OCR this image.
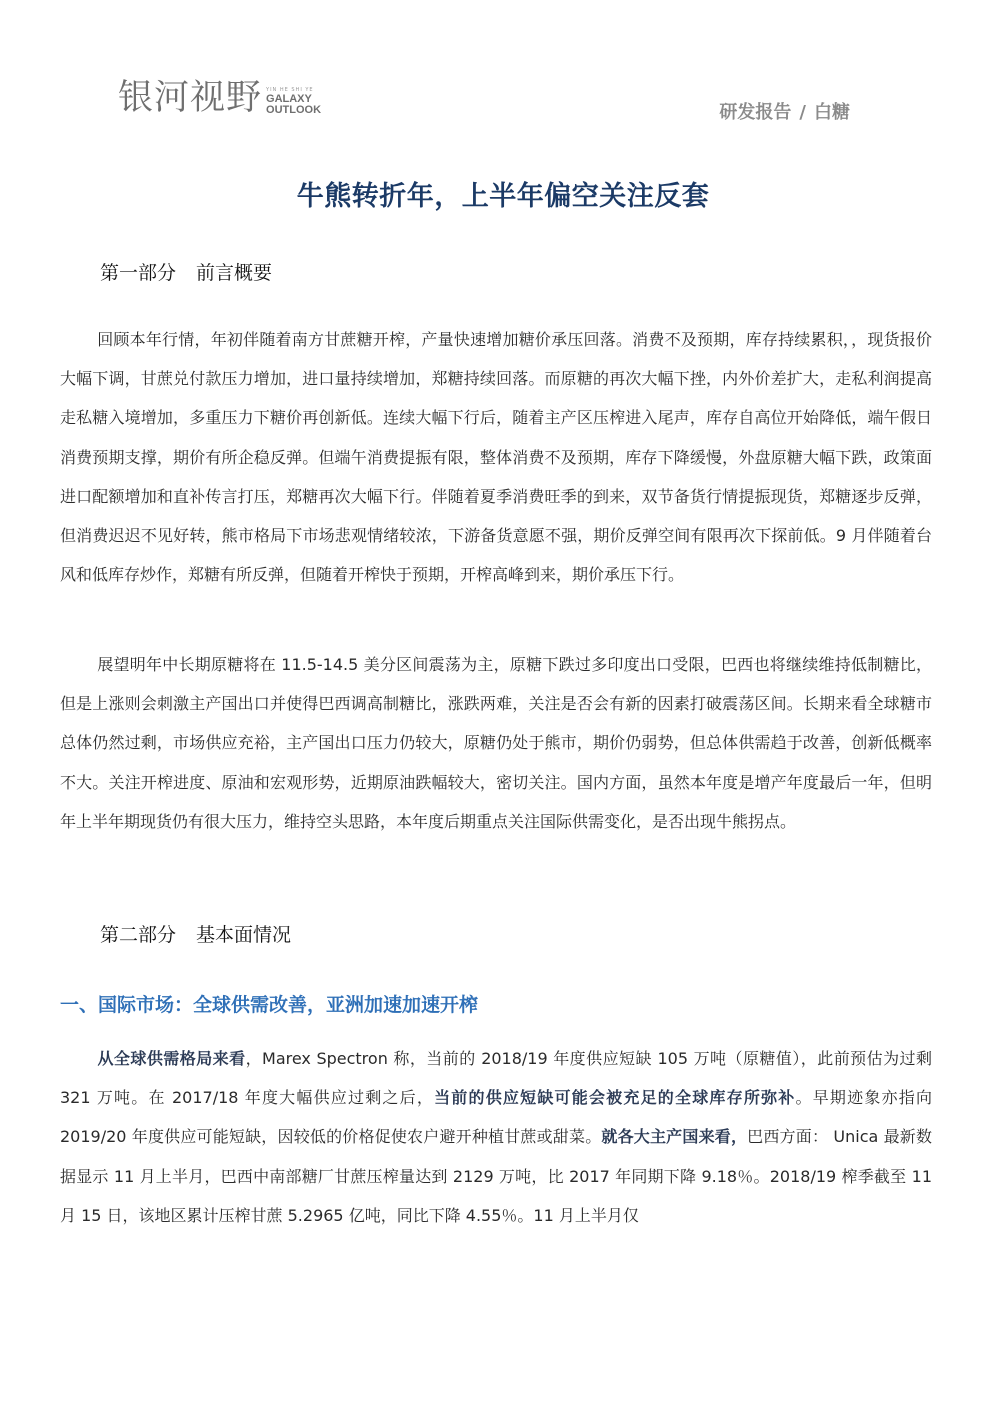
银河视野 YIN HE SHI YE
GALAXY
OUTLOOK	研发报告 / 白糖
牛熊转折年，上半年偏空关注反套
第一部分 前言概要
回顾本年行情，年初伴随着南方甘蔗糖开榨，产量快速增加糖价承压回落。消费不及预期，库存持续累积，，现货报价大幅下调，甘蔗兑付款压力增加，进口量持续增加，郑糖持续回落。而原糖的再次大幅下挫，内外价差扩大，走私利润提高走私糖入境增加，多重压力下糖价再创新低。连续大幅下行后，随着主产区压榨进入尾声，库存自高位开始降低，端午假日消费预期支撑，期价有所企稳反弹。但端午消费提振有限，整体消费不及预期，库存下降缓慢，外盘原糖大幅下跌，政策面进口配额增加和直补传言打压，郑糖再次大幅下行。伴随着夏季消费旺季的到来，双节备货行情提振现货，郑糖逐步反弹，但消费迟迟不见好转，熊市格局下市场悲观情绪较浓，下游备货意愿不强，期价反弹空间有限再次下探前低。9 月伴随着台风和低库存炒作，郑糖有所反弹，但随着开榨快于预期，开榨高峰到来，期价承压下行。
展望明年中长期原糖将在 11.5-14.5 美分区间震荡为主，原糖下跌过多印度出口受限，巴西也将继续维持低制糖比，但是上涨则会刺激主产国出口并使得巴西调高制糖比，涨跌两难，关注是否会有新的因素打破震荡区间。长期来看全球糖市总体仍然过剩，市场供应充裕，主产国出口压力仍较大，原糖仍处于熊市，期价仍弱势，但总体供需趋于改善，创新低概率不大。关注开榨进度、原油和宏观形势，近期原油跌幅较大，密切关注。国内方面，虽然本年度是增产年度最后一年，但明年上半年期现货仍有很大压力，维持空头思路，本年度后期重点关注国际供需变化，是否出现牛熊拐点。
第二部分 基本面情况
一、国际市场：全球供需改善，亚洲加速加速开榨
从全球供需格局来看，Marex Spectron 称，当前的 2018/19 年度供应短缺 105 万吨（原糖值），此前预估为过剩 321 万吨。在 2017/18 年度大幅供应过剩之后，当前的供应短缺可能会被充足的全球库存所弥补。早期迹象亦指向 2019/20 年度供应可能短缺，因较低的价格促使农户避开种植甘蔗或甜菜。就各大主产国来看，巴西方面： Unica 最新数据显示 11 月上半月，巴西中南部糖厂甘蔗压榨量达到 2129 万吨，比 2017 年同期下降 9.18％。2018/19 榨季截至 11 月 15 日，该地区累计压榨甘蔗 5.2965 亿吨，同比下降 4.55％。11 月上半月仅
